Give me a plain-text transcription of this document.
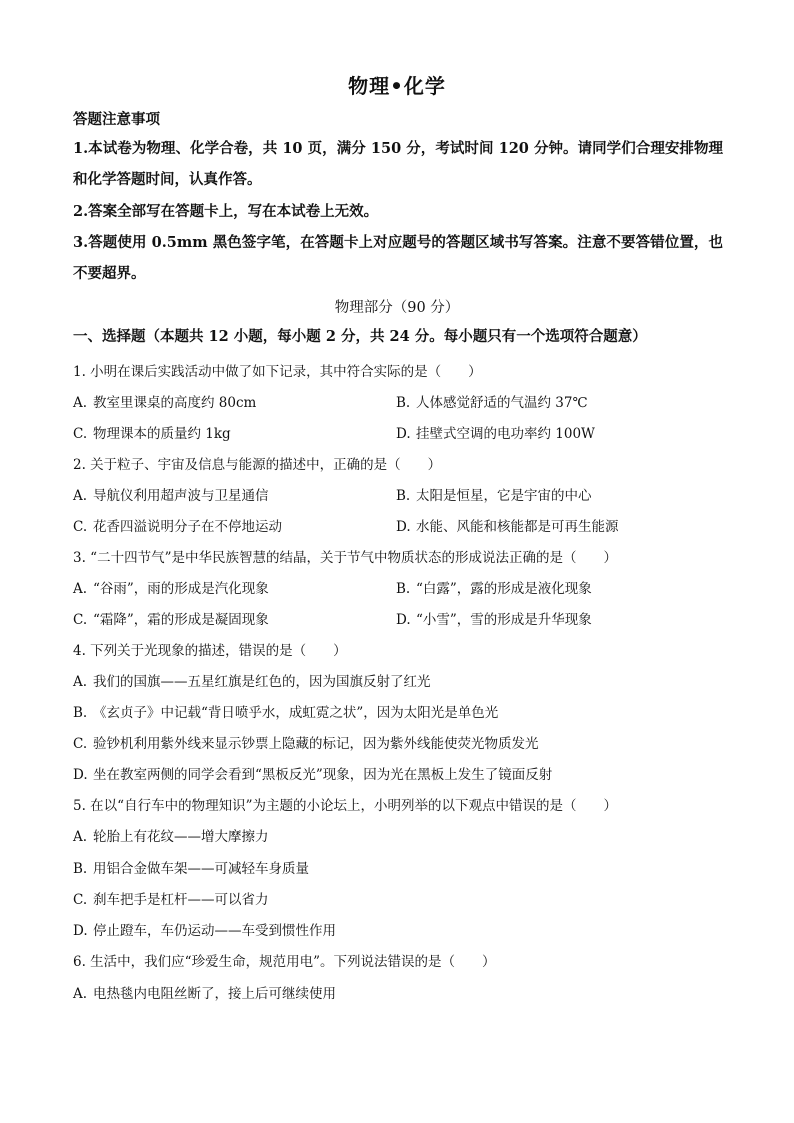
物理•化学
答题注意事项
1.本试卷为物理、化学合卷，共 10 页，满分 150 分，考试时间 120 分钟。请同学们合理安排物理和化学答题时间，认真作答。
2.答案全部写在答题卡上，写在本试卷上无效。
3.答题使用 0.5mm 黑色签字笔，在答题卡上对应题号的答题区域书写答案。注意不要答错位置，也不要超界。
物理部分（90 分）
一、选择题（本题共 12 小题，每小题 2 分，共 24 分。每小题只有一个选项符合题意）
1. 小明在课后实践活动中做了如下记录，其中符合实际的是（　　）
A. 教室里课桌的高度约 80cm	B. 人体感觉舒适的气温约 37℃
C. 物理课本的质量约 1kg	D. 挂壁式空调的电功率约 100W
2. 关于粒子、宇宙及信息与能源的描述中，正确的是（　　）
A. 导航仪利用超声波与卫星通信	B. 太阳是恒星，它是宇宙的中心
C. 花香四溢说明分子在不停地运动	D. 水能、风能和核能都是可再生能源
3. “二十四节气”是中华民族智慧的结晶，关于节气中物质状态的形成说法正确的是（　　）
A. “谷雨”，雨的形成是汽化现象	B. “白露”，露的形成是液化现象
C. “霜降”，霜的形成是凝固现象	D. “小雪”，雪的形成是升华现象
4. 下列关于光现象的描述，错误的是（　　）
A. 我们的国旗——五星红旗是红色的，因为国旗反射了红光
B. 《玄贞子》中记载“背日喷乎水，成虹霓之状”，因为太阳光是单色光
C. 验钞机利用紫外线来显示钞票上隐藏的标记，因为紫外线能使荧光物质发光
D. 坐在教室两侧的同学会看到“黑板反光”现象，因为光在黑板上发生了镜面反射
5. 在以“自行车中的物理知识”为主题的小论坛上，小明列举的以下观点中错误的是（　　）
A. 轮胎上有花纹——增大摩擦力
B. 用铝合金做车架——可减轻车身质量
C. 刹车把手是杠杆——可以省力
D. 停止蹬车，车仍运动——车受到惯性作用
6. 生活中，我们应“珍爱生命，规范用电”。下列说法错误的是（　　）
A. 电热毯内电阻丝断了，接上后可继续使用
